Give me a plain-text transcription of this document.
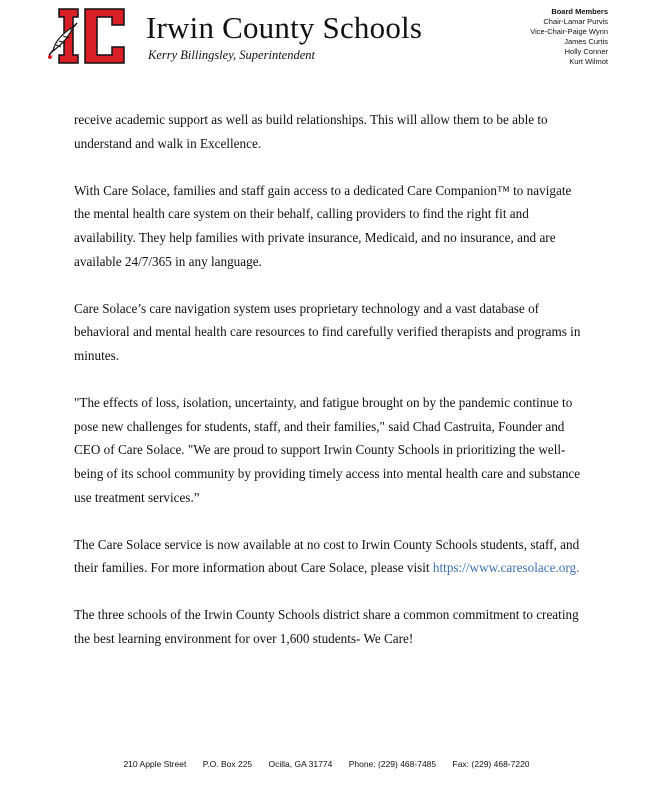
Irwin County Schools
Kerry Billingsley, Superintendent
Board Members
Chair-Lamar Purvis
Vice-Chair-Paige Wynn
James Curtis
Holly Conner
Kurt Wilmot

receive academic support as well as build relationships. This will allow them to be able to understand and walk in Excellence.

With Care Solace, families and staff gain access to a dedicated Care Companion™ to navigate the mental health care system on their behalf, calling providers to find the right fit and availability. They help families with private insurance, Medicaid, and no insurance, and are available 24/7/365 in any language.

Care Solace’s care navigation system uses proprietary technology and a vast database of behavioral and mental health care resources to find carefully verified therapists and programs in minutes.

"The effects of loss, isolation, uncertainty, and fatigue brought on by the pandemic continue to pose new challenges for students, staff, and their families," said Chad Castruita, Founder and CEO of Care Solace. "We are proud to support Irwin County Schools in prioritizing the well-being of its school community by providing timely access into mental health care and substance use treatment services.”

The Care Solace service is now available at no cost to Irwin County Schools students, staff, and their families. For more information about Care Solace, please visit https://www.caresolace.org.

The three schools of the Irwin County Schools district share a common commitment to creating the best learning environment for over 1,600 students- We Care!

210 Apple Street P.O. Box 225 Ocilla, GA 31774 Phone: (229) 468-7485 Fax: (229) 468-7220
